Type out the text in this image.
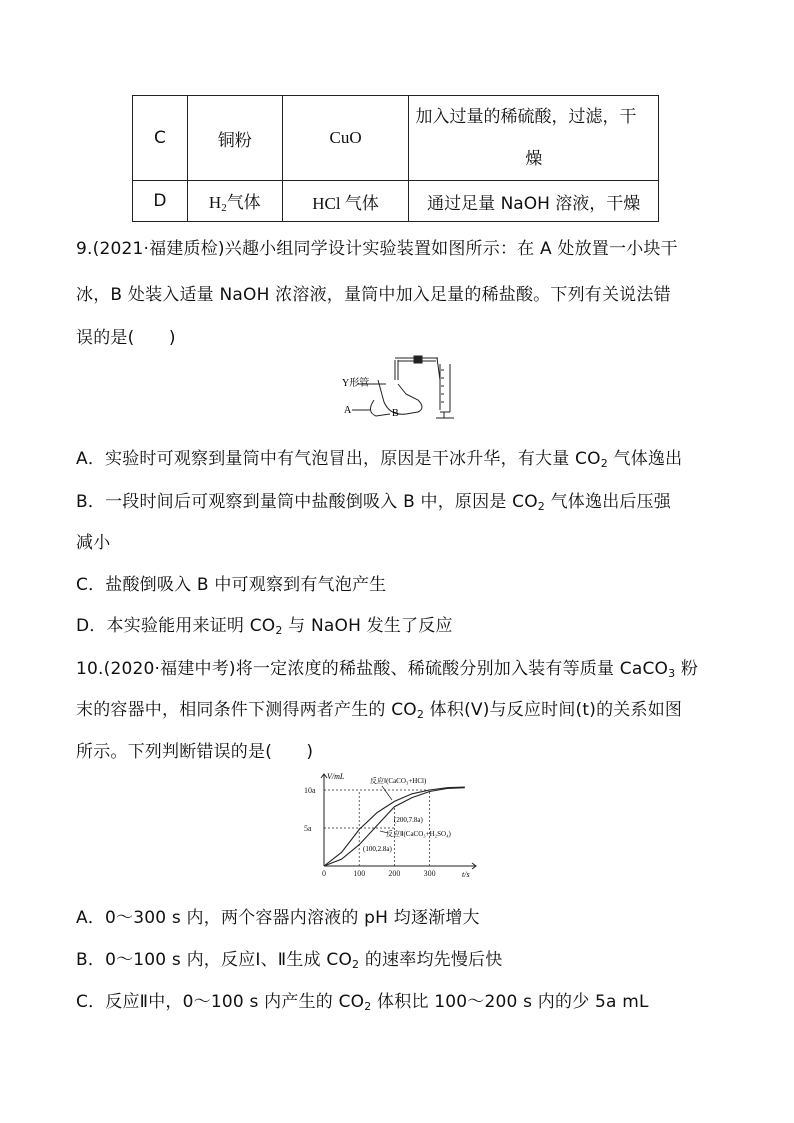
C	铜粉	CuO	加入过量的稀硫酸，过滤，干
燥

D	$H_2$气体	HCl 气体	通过足量 NaOH 溶液，干燥
9.(2021·福建质检)兴趣小组同学设计实验装置如图所示：在 A 处放置一小块干
冰，B 处装入适量 NaOH 浓溶液，量筒中加入足量的稀盐酸。下列有关说法错
误的是(　　)
Y形管
A	B
A．实验时可观察到量筒中有气泡冒出，原因是干冰升华，有大量 $CO_2$ 气体逸出
B．一段时间后可观察到量筒中盐酸倒吸入 B 中，原因是 $CO_2$ 气体逸出后压强
减小
C．盐酸倒吸入 B 中可观察到有气泡产生
D．本实验能用来证明 $CO_2$ 与 NaOH 发生了反应
10.(2020·福建中考)将一定浓度的稀盐酸、稀硫酸分别加入装有等质量 CaCO$_3$ 粉
末的容器中，相同条件下测得两者产生的 $CO_2$ 体积(V)与反应时间(t)的关系如图
所示。下列判断错误的是(　　)
0	100	200	300
5a
10a
V/mL
t/s
反应Ⅰ(CaCO₃+HCl)
反应Ⅱ(CaCO₃+H₂SO₄)
(200,7.8a)
(100,2.8a)
A．0～300 s 内，两个容器内溶液的 pH 均逐渐增大
B．0～100 s 内，反应Ⅰ、Ⅱ生成 $CO_2$ 的速率均先慢后快
C．反应Ⅱ中，0～100 s 内产生的 $CO_2$ 体积比 100～200 s 内的少 5a mL
